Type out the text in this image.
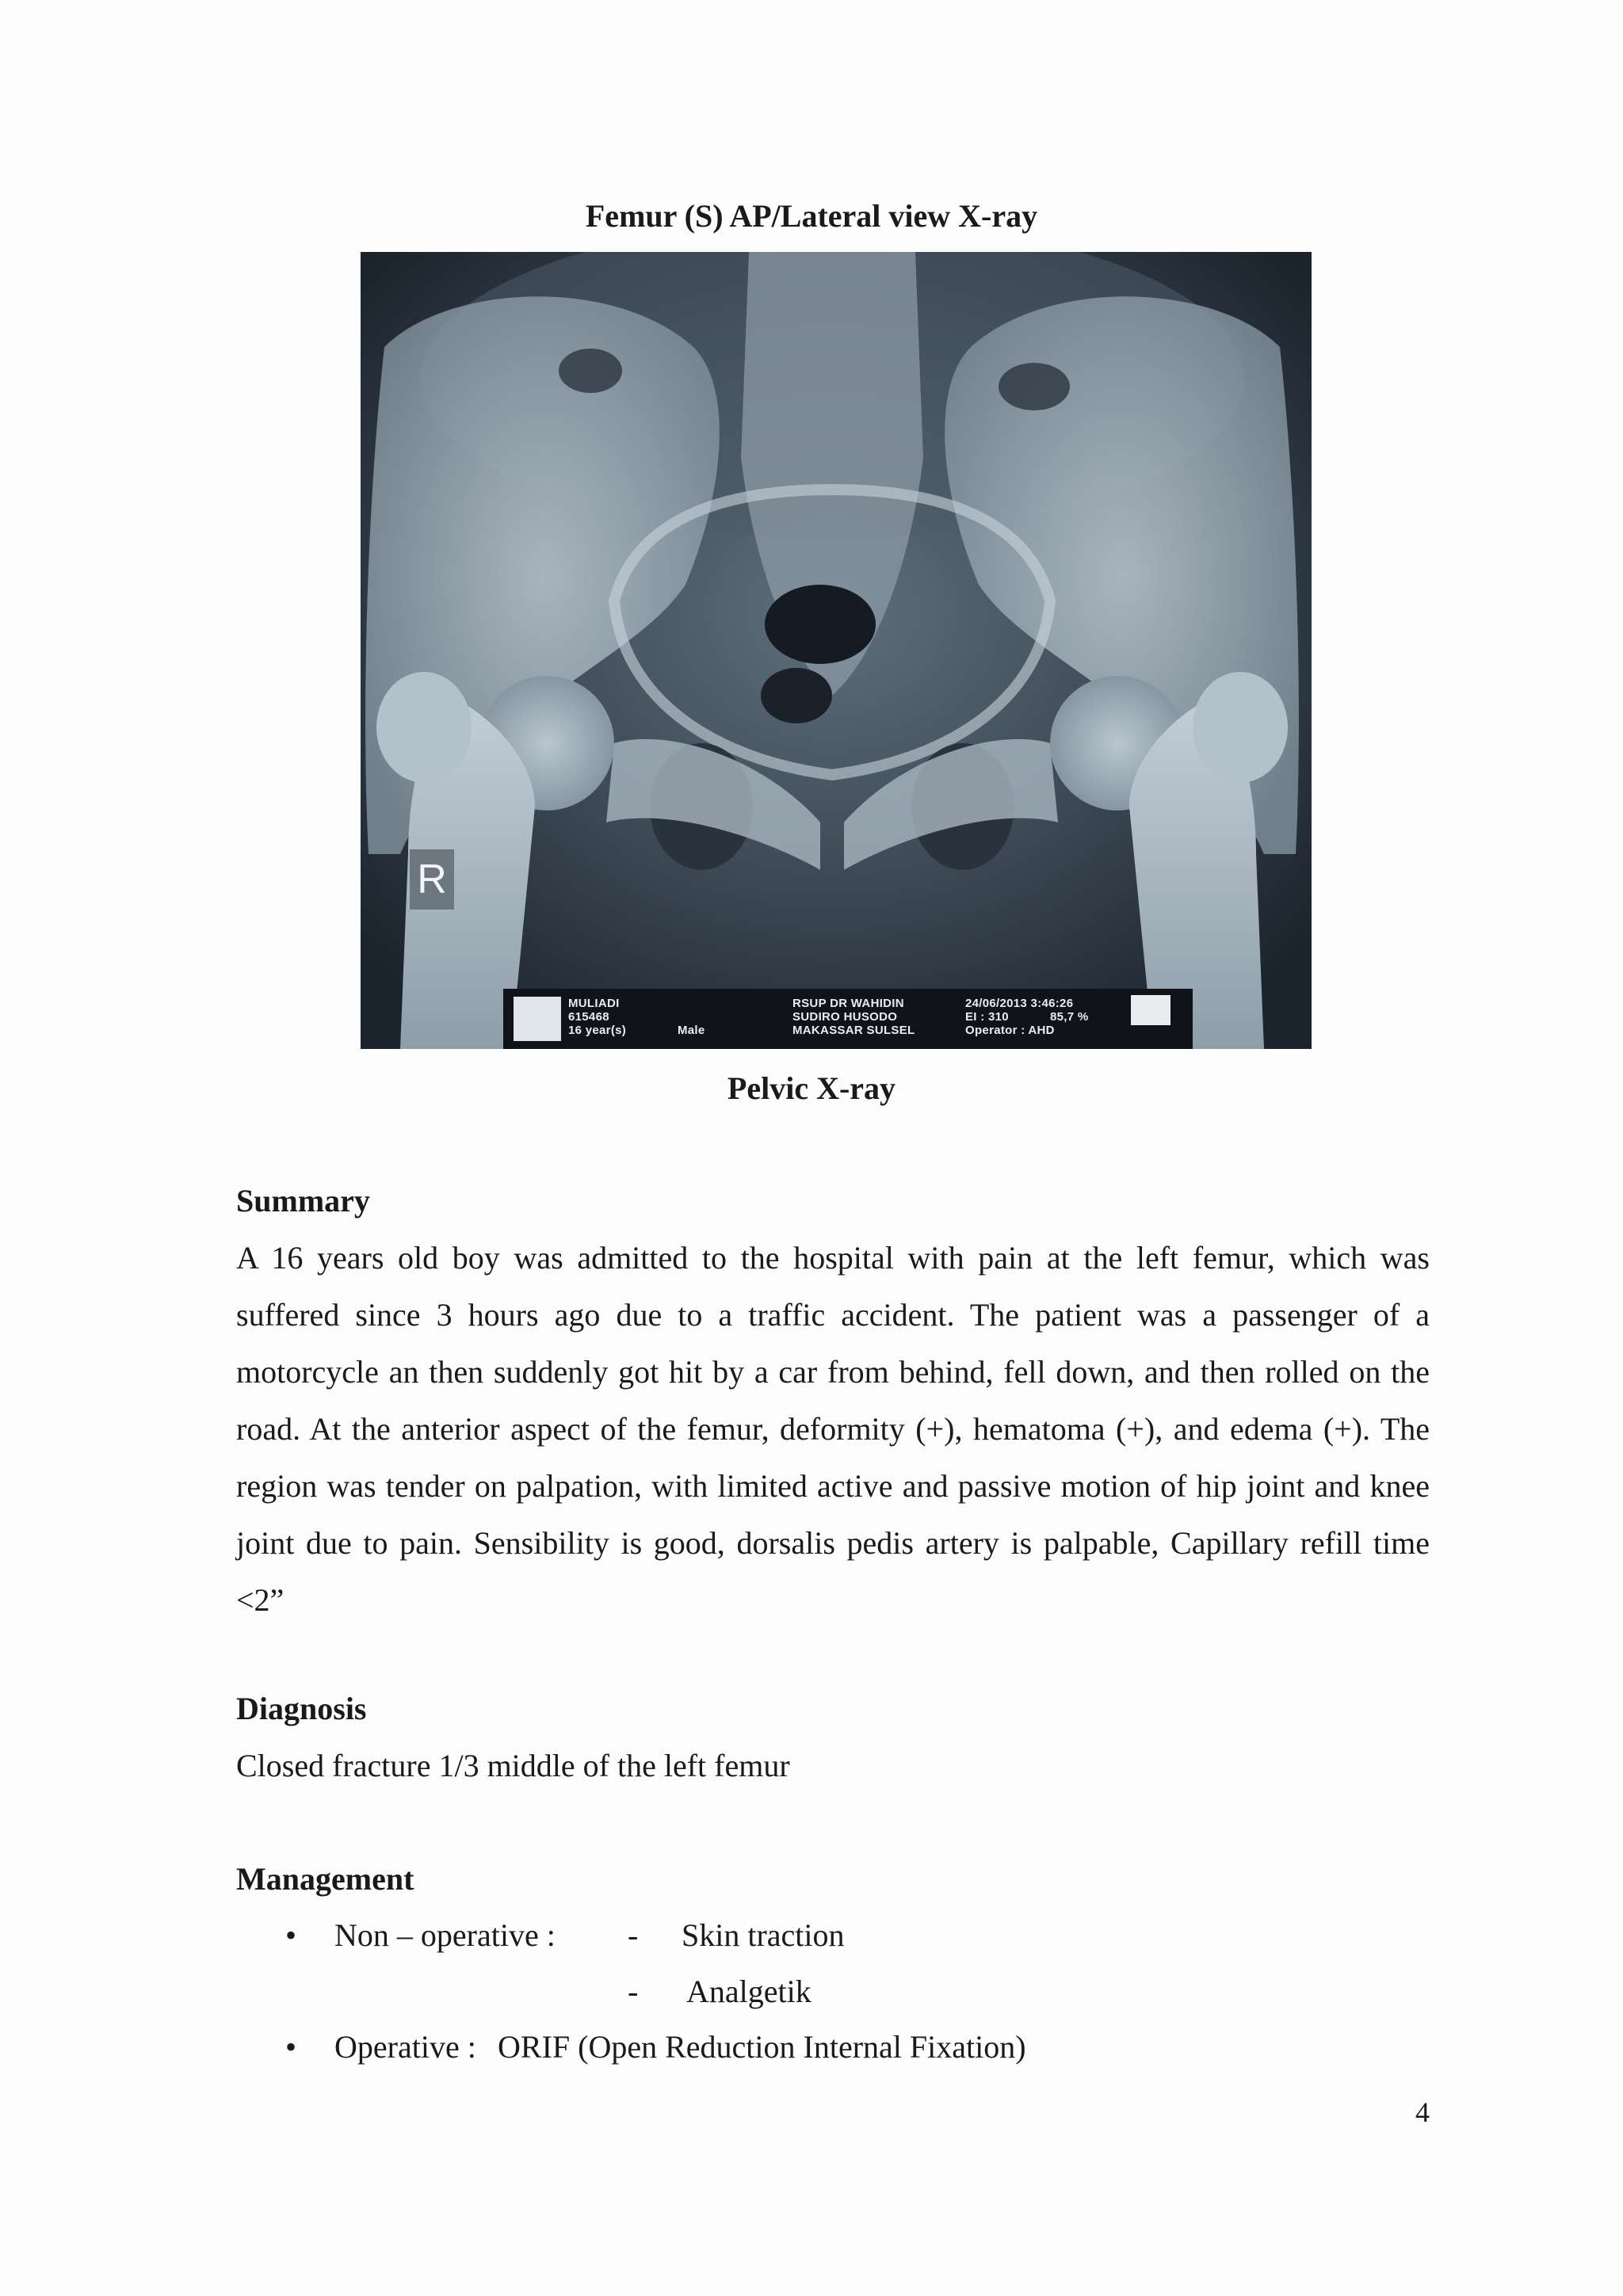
Femur (S) AP/Lateral view X-ray
R
MULIADI
615468
16 year(s)	Male
RSUP DR WAHIDIN
SUDIRO HUSODO
MAKASSAR SULSEL
24/06/2013 3:46:26
EI : 310	85,7 %
Operator : AHD
Pelvic X-ray
Summary

A 16 years old boy was admitted to the hospital with pain at the left femur, which was suffered since 3 hours ago due to a traffic accident. The patient was a passenger of a motorcycle an then suddenly got hit by a car from behind, fell down, and then rolled on the road. At the anterior aspect of the femur, deformity (+), hematoma (+), and edema (+). The region was tender on palpation, with limited active and passive motion of hip joint and knee joint due to pain. Sensibility is good, dorsalis pedis artery is palpable, Capillary refill time <2”

Diagnosis
Closed fracture 1/3 middle of the left femur
Management
• Non – operative : - Skin traction
- Analgetik
• Operative : ORIF (Open Reduction Internal Fixation)
4
